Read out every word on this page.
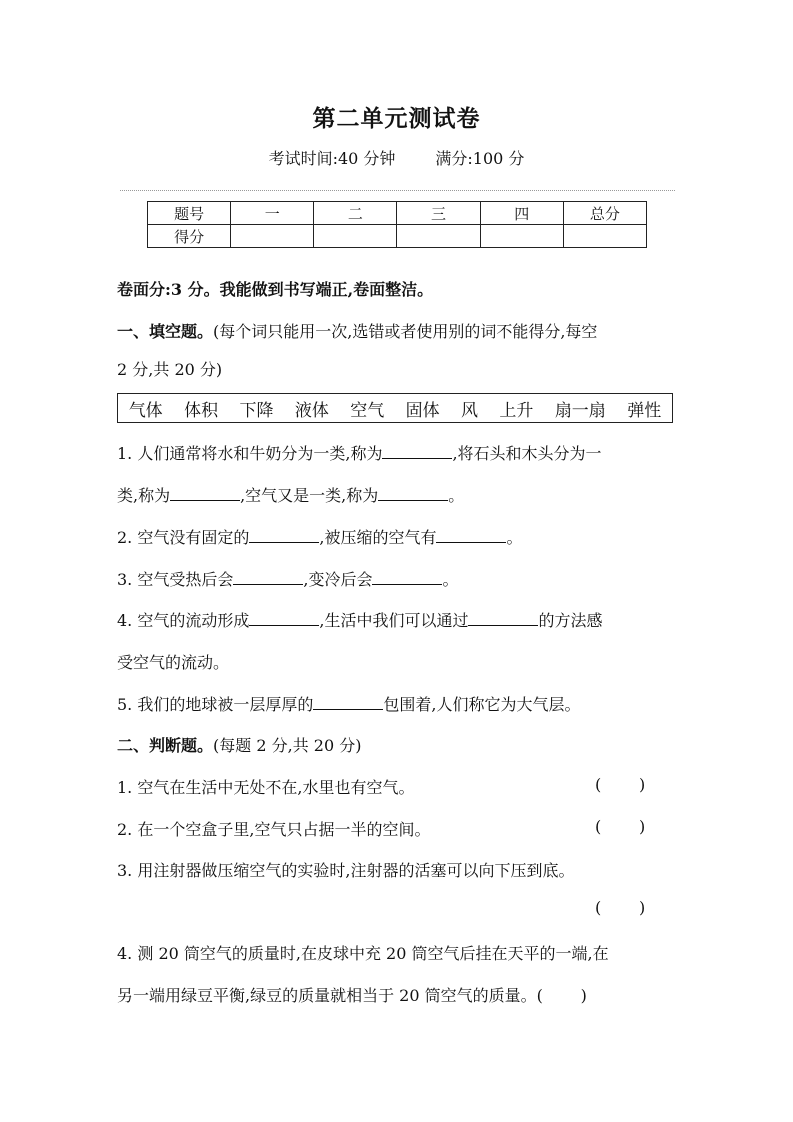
第二单元测试卷
考试时间:40 分钟	满分:100 分
题号	一	二	三	四	总分
得分					
卷面分:3 分。我能做到书写端正,卷面整洁。
一、填空题。(每个词只能用一次,选错或者使用别的词不能得分,每空
2 分,共 20 分)
气体 体积 下降 液体 空气 固体 风 上升 扇一扇 弹性
1. 人们通常将水和牛奶分为一类,称为	,将石头和木头分为一
类,称为	,空气又是一类,称为	。
2. 空气没有固定的	,被压缩的空气有	。
3. 空气受热后会	,变冷后会	。
4. 空气的流动形成	,生活中我们可以通过	的方法感
受空气的流动。
5. 我们的地球被一层厚厚的	包围着,人们称它为大气层。
二、判断题。(每题 2 分,共 20 分)
1. 空气在生活中无处不在,水里也有空气。	( )
2. 在一个空盒子里,空气只占据一半的空间。	( )
3. 用注射器做压缩空气的实验时,注射器的活塞可以向下压到底。
( )
4. 测 20 筒空气的质量时,在皮球中充 20 筒空气后挂在天平的一端,在
另一端用绿豆平衡,绿豆的质量就相当于 20 筒空气的质量。( )
